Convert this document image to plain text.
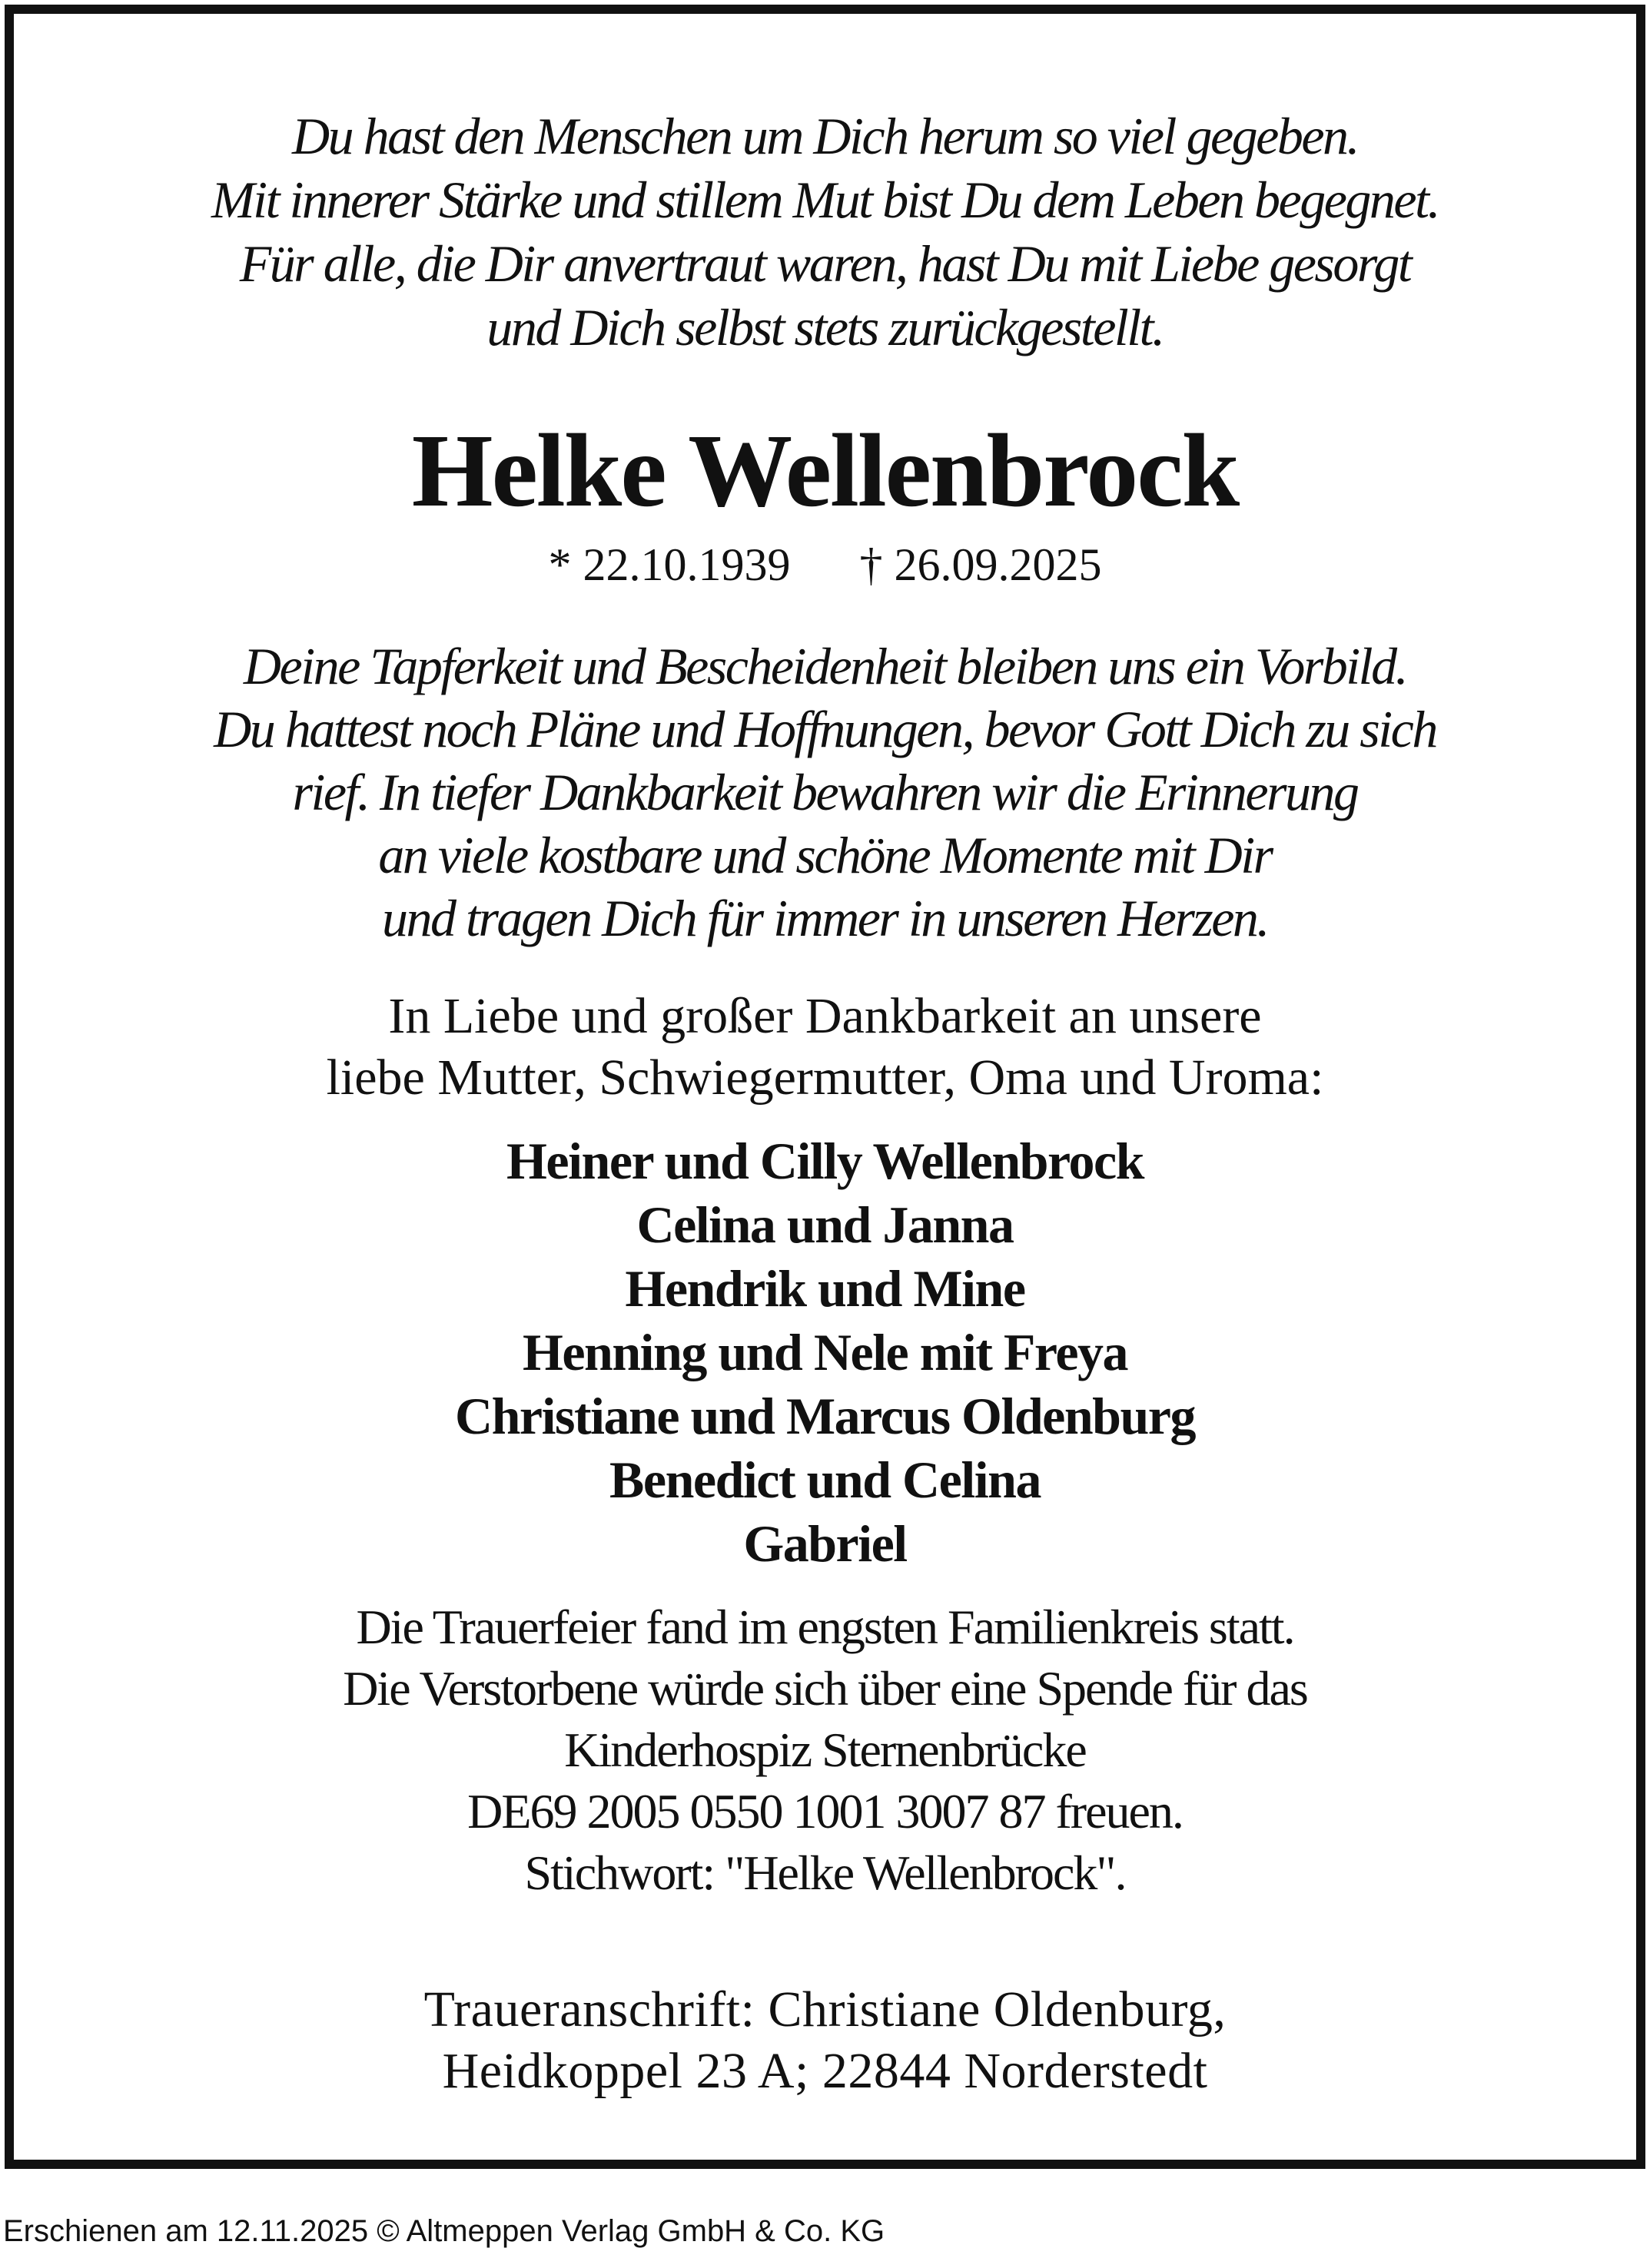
Du hast den Menschen um Dich herum so viel gegeben.
Mit innerer Stärke und stillem Mut bist Du dem Leben begegnet.
Für alle, die Dir anvertraut waren, hast Du mit Liebe gesorgt
und Dich selbst stets zurückgestellt.
Helke Wellenbrock
* 22.10.1939 † 26.09.2025
Deine Tapferkeit und Bescheidenheit bleiben uns ein Vorbild.
Du hattest noch Pläne und Hoffnungen, bevor Gott Dich zu sich
rief. In tiefer Dankbarkeit bewahren wir die Erinnerung
an viele kostbare und schöne Momente mit Dir
und tragen Dich für immer in unseren Herzen.
In Liebe und großer Dankbarkeit an unsere
liebe Mutter, Schwiegermutter, Oma und Uroma:
Heiner und Cilly Wellenbrock
Celina und Janna
Hendrik und Mine
Henning und Nele mit Freya
Christiane und Marcus Oldenburg
Benedict und Celina
Gabriel
Die Trauerfeier fand im engsten Familienkreis statt.
Die Verstorbene würde sich über eine Spende für das
Kinderhospiz Sternenbrücke
DE69 2005 0550 1001 3007 87 freuen.
Stichwort: "Helke Wellenbrock".
Traueranschrift: Christiane Oldenburg,
Heidkoppel 23 A; 22844 Norderstedt
Erschienen am 12.11.2025 © Altmeppen Verlag GmbH & Co. KG
